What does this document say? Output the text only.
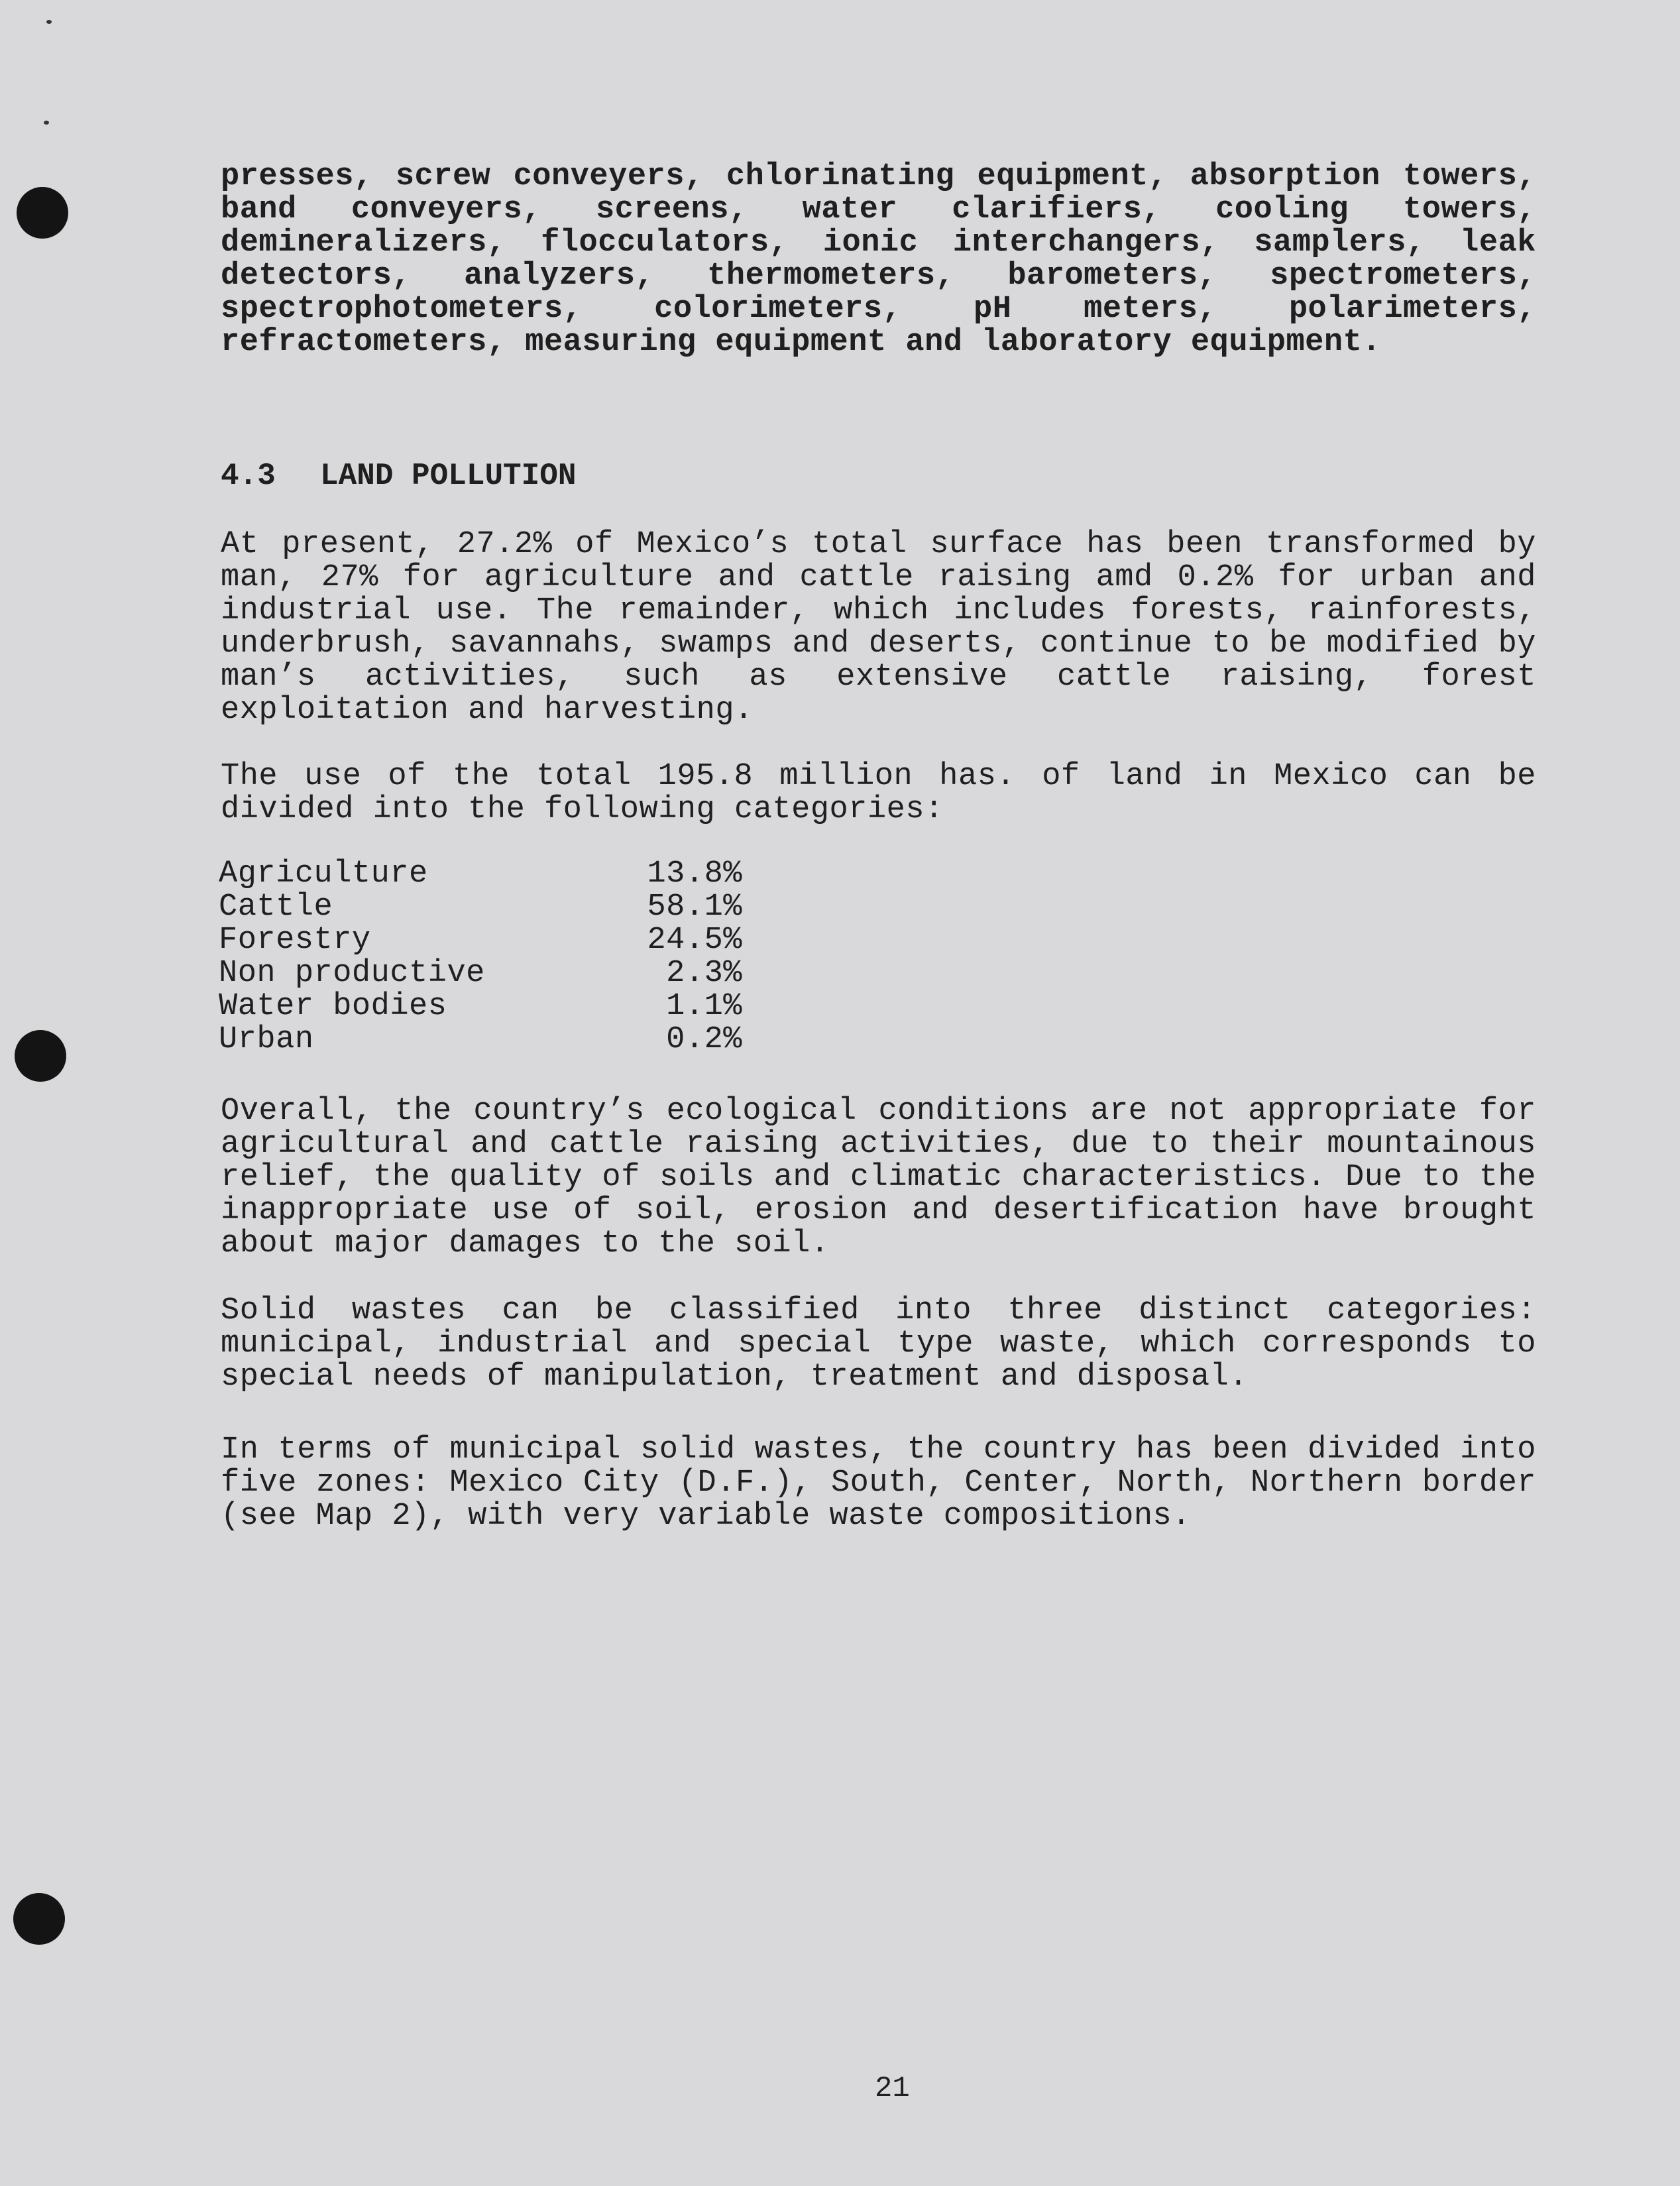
presses, screw conveyers, chlorinating equipment, absorption towers, band conveyers, screens, water clarifiers, cooling towers, demineralizers, flocculators, ionic interchangers, samplers, leak detectors, analyzers, thermometers, barometers, spectrometers, spectrophotometers, colorimeters, pH meters, polarimeters, refractometers, measuring equipment and laboratory equipment.
4.3 LAND POLLUTION
At present, 27.2% of Mexico’s total surface has been transformed by man, 27% for agriculture and cattle raising amd 0.2% for urban and industrial use. The remainder, which includes forests, rainforests, underbrush, savannahs, swamps and deserts, continue to be modified by man’s activities, such as extensive cattle raising, forest exploitation and harvesting.
The use of the total 195.8 million has. of land in Mexico can be divided into the following categories:
Agriculture	13.8%
Cattle	58.1%
Forestry	24.5%
Non productive	2.3%
Water bodies	1.1%
Urban	0.2%
Overall, the country’s ecological conditions are not appropriate for agricultural and cattle raising activities, due to their mountainous relief, the quality of soils and climatic characteristics. Due to the inappropriate use of soil, erosion and desertification have brought about major damages to the soil.
Solid wastes can be classified into three distinct categories: municipal, industrial and special type waste, which corresponds to special needs of manipulation, treatment and disposal.
In terms of municipal solid wastes, the country has been divided into five zones: Mexico City (D.F.), South, Center, North, Northern border (see Map 2), with very variable waste compositions.
21
